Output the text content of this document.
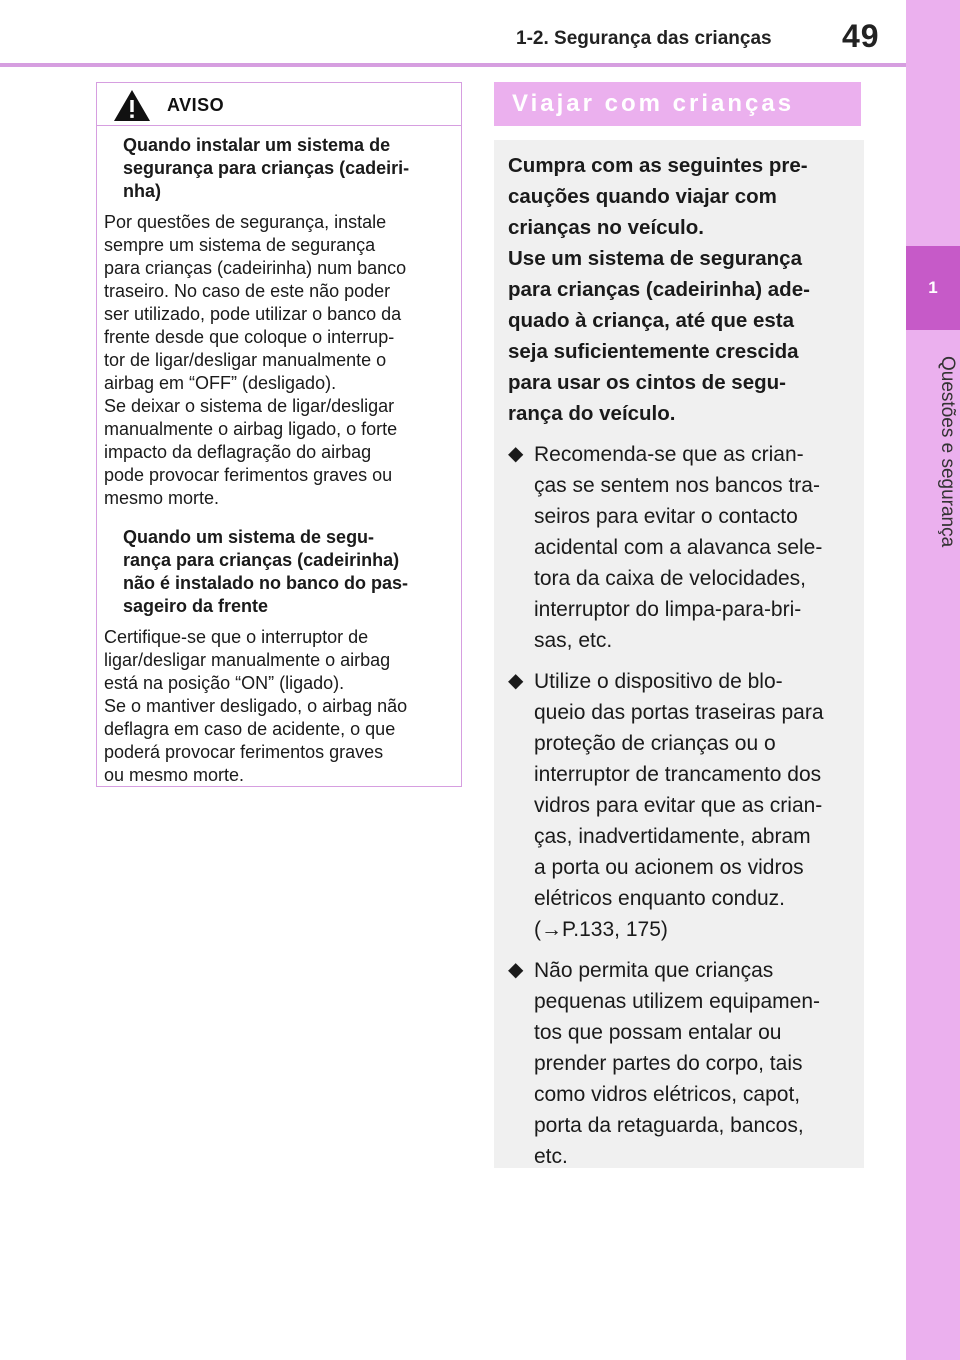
1-2. Segurança das crianças 49
1
Questões e segurança
AVISO
Quando instalar um sistema de
segurança para crianças (cadeiri-
nha)
Por questões de segurança, instale
sempre um sistema de segurança
para crianças (cadeirinha) num banco
traseiro. No caso de este não poder
ser utilizado, pode utilizar o banco da
frente desde que coloque o interrup-
tor de ligar/desligar manualmente o
airbag em “OFF” (desligado).
Se deixar o sistema de ligar/desligar
manualmente o airbag ligado, o forte
impacto da deflagração do airbag
pode provocar ferimentos graves ou
mesmo morte.
Quando um sistema de segu-
rança para crianças (cadeirinha)
não é instalado no banco do pas-
sageiro da frente
Certifique-se que o interruptor de
ligar/desligar manualmente o airbag
está na posição “ON” (ligado).
Se o mantiver desligado, o airbag não
deflagra em caso de acidente, o que
poderá provocar ferimentos graves
ou mesmo morte.
Viajar com crianças
Cumpra com as seguintes pre-
cauções quando viajar com
crianças no veículo.
Use um sistema de segurança
para crianças (cadeirinha) ade-
quado à criança, até que esta
seja suficientemente crescida
para usar os cintos de segu-
rança do veículo.
◆ Recomenda-se que as crian-
ças se sentem nos bancos tra-
seiros para evitar o contacto
acidental com a alavanca sele-
tora da caixa de velocidades,
interruptor do limpa-para-bri-
sas, etc.
◆ Utilize o dispositivo de blo-
queio das portas traseiras para
proteção de crianças ou o
interruptor de trancamento dos
vidros para evitar que as crian-
ças, inadvertidamente, abram
a porta ou acionem os vidros
elétricos enquanto conduz.
(→P.133, 175)
◆ Não permita que crianças
pequenas utilizem equipamen-
tos que possam entalar ou
prender partes do corpo, tais
como vidros elétricos, capot,
porta da retaguarda, bancos,
etc.
